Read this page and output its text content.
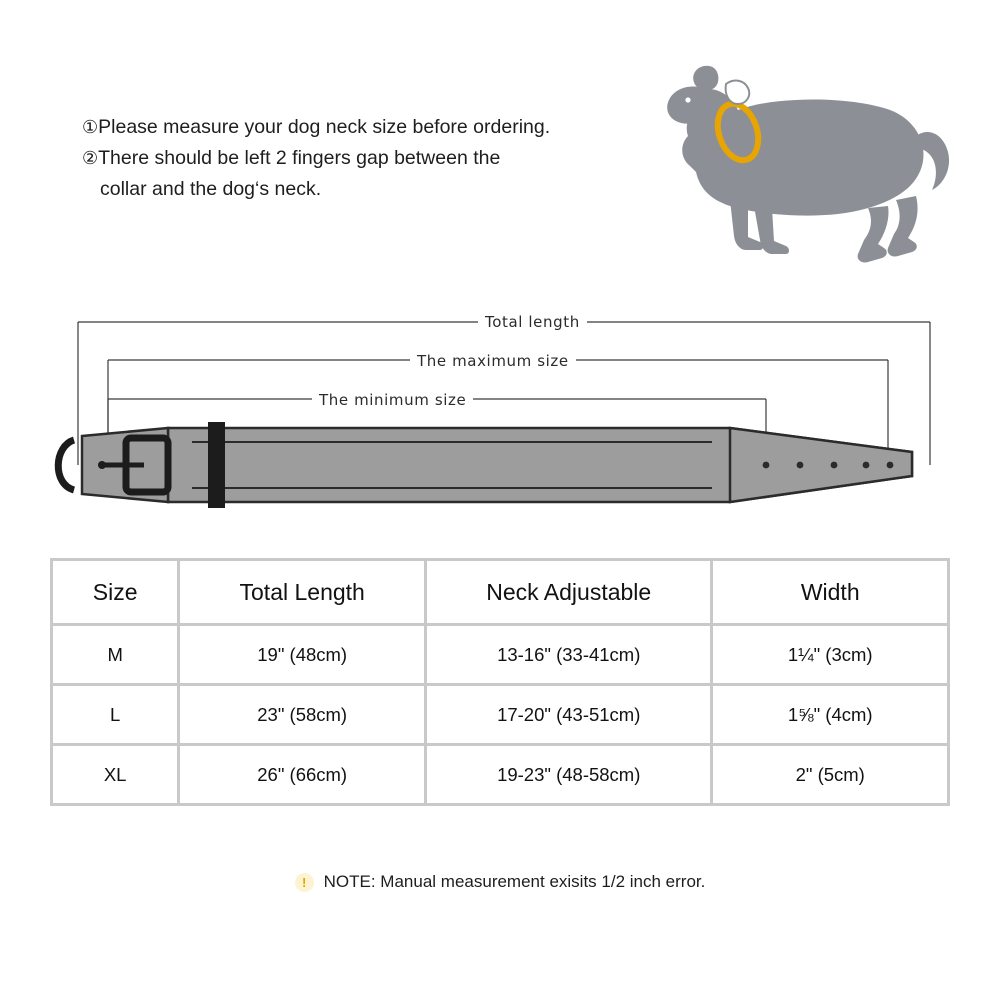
①Please measure your dog neck size before ordering.
②There should be left 2 fingers gap between the
collar and the dog‘s neck.
Total length
The maximum size
The minimum size
Size	Total Length	Neck Adjustable	Width
M	19" (48cm)	13-16" (33-41cm)	1¼" (3cm)
L	23" (58cm)	17-20" (43-51cm)	1⅝" (4cm)
XL	26" (66cm)	19-23" (48-58cm)	2" (5cm)
!	NOTE: Manual measurement exisits 1/2 inch error.
